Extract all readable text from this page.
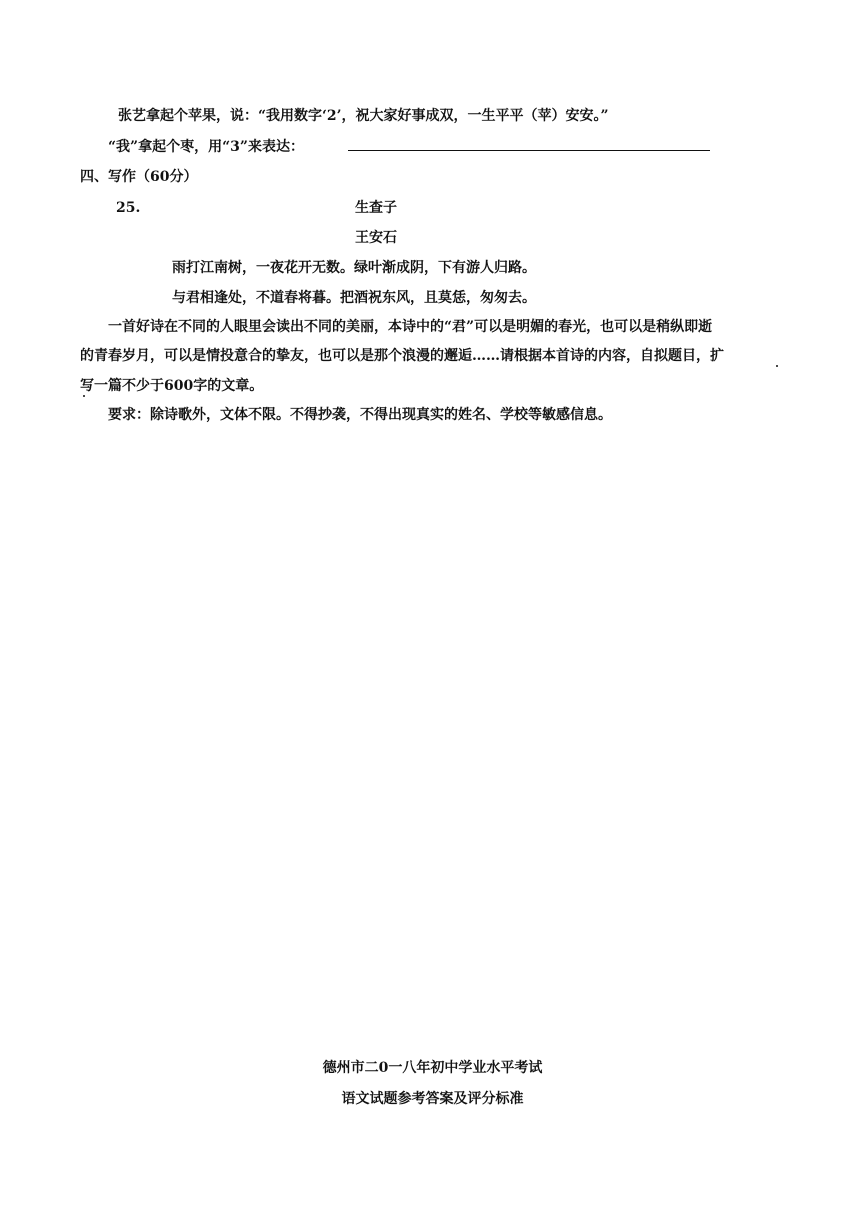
张艺拿起个苹果，说：“我用数字‘2’，祝大家好事成双，一生平平（苹）安安。”
“我”拿起个枣，用“3”来表达：
四、写作（60分）
25.	生查子
王安石
雨打江南树，一夜花开无数。绿叶渐成阴，下有游人归路。
与君相逢处，不道春将暮。把酒祝东风，且莫恁，匆匆去。
一首好诗在不同的人眼里会读出不同的美丽，本诗中的“君”可以是明媚的春光，也可以是稍纵即逝
的青春岁月，可以是情投意合的挚友，也可以是那个浪漫的邂逅……请根据本首诗的内容，自拟题目，扩
写一篇不少于600字的文章。
要求：除诗歌外，文体不限。不得抄袭，不得出现真实的姓名、学校等敏感信息。
德州市二0一八年初中学业水平考试
语文试题参考答案及评分标准
